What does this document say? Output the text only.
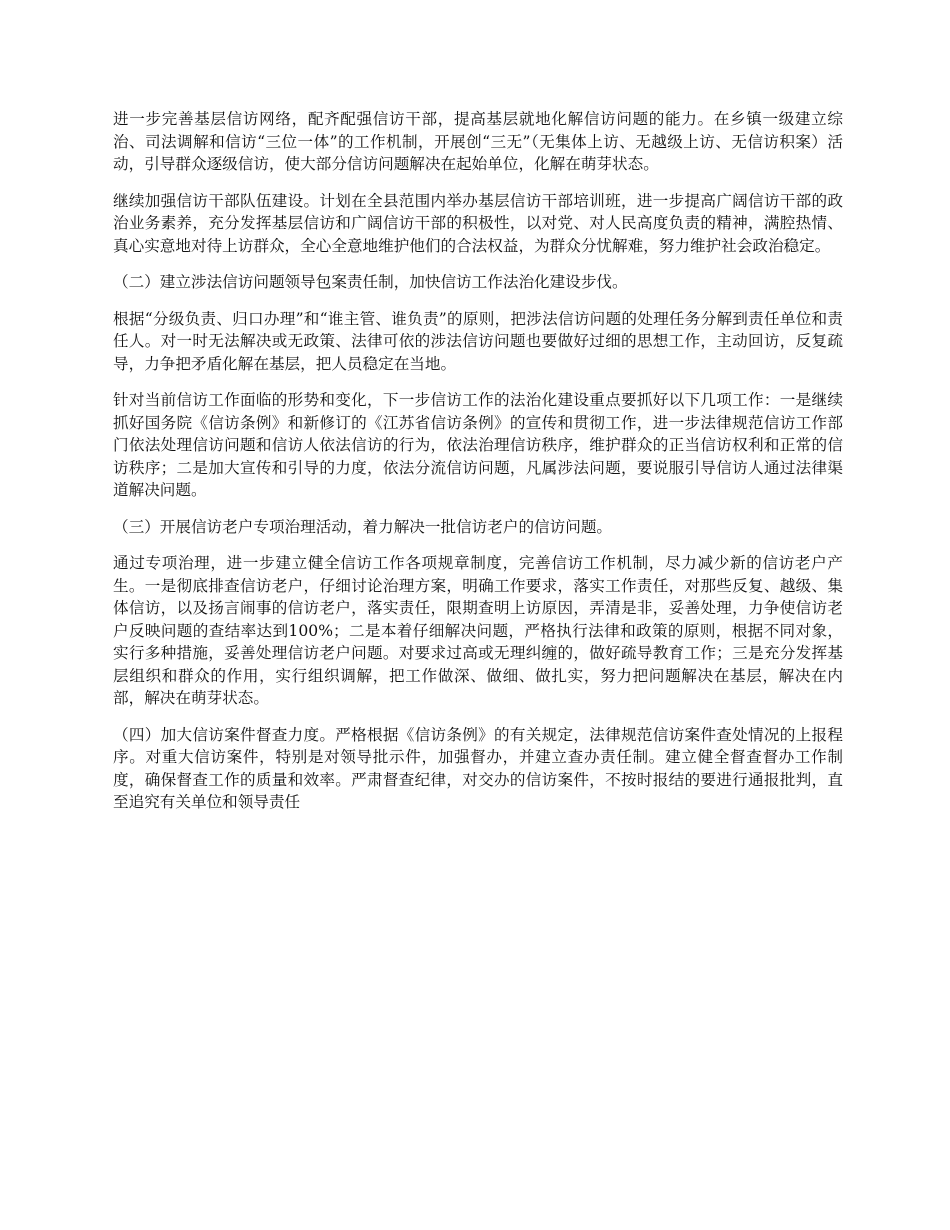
进一步完善基层信访网络，配齐配强信访干部，提高基层就地化解信访问题的能力。在乡镇一级建立综治、司法调解和信访“三位一体”的工作机制，开展创“三无”（无集体上访、无越级上访、无信访积案）活动，引导群众逐级信访，使大部分信访问题解决在起始单位，化解在萌芽状态。

继续加强信访干部队伍建设。计划在全县范围内举办基层信访干部培训班，进一步提高广阔信访干部的政治业务素养，充分发挥基层信访和广阔信访干部的积极性，以对党、对人民高度负责的精神，满腔热情、真心实意地对待上访群众，全心全意地维护他们的合法权益，为群众分忧解难，努力维护社会政治稳定。

（二）建立涉法信访问题领导包案责任制，加快信访工作法治化建设步伐。

根据“分级负责、归口办理”和“谁主管、谁负责”的原则，把涉法信访问题的处理任务分解到责任单位和责任人。对一时无法解决或无政策、法律可依的涉法信访问题也要做好过细的思想工作，主动回访，反复疏导，力争把矛盾化解在基层，把人员稳定在当地。

针对当前信访工作面临的形势和变化，下一步信访工作的法治化建设重点要抓好以下几项工作：一是继续抓好国务院《信访条例》和新修订的《江苏省信访条例》的宣传和贯彻工作，进一步法律规范信访工作部门依法处理信访问题和信访人依法信访的行为，依法治理信访秩序，维护群众的正当信访权利和正常的信访秩序；二是加大宣传和引导的力度，依法分流信访问题，凡属涉法问题，要说服引导信访人通过法律渠道解决问题。

（三）开展信访老户专项治理活动，着力解决一批信访老户的信访问题。

通过专项治理，进一步建立健全信访工作各项规章制度，完善信访工作机制，尽力减少新的信访老户产生。一是彻底排查信访老户，仔细讨论治理方案，明确工作要求，落实工作责任，对那些反复、越级、集体信访，以及扬言闹事的信访老户，落实责任，限期查明上访原因，弄清是非，妥善处理，力争使信访老户反映问题的查结率达到100%；二是本着仔细解决问题，严格执行法律和政策的原则，根据不同对象，实行多种措施，妥善处理信访老户问题。对要求过高或无理纠缠的，做好疏导教育工作；三是充分发挥基层组织和群众的作用，实行组织调解，把工作做深、做细、做扎实，努力把问题解决在基层，解决在内部，解决在萌芽状态。

（四）加大信访案件督查力度。严格根据《信访条例》的有关规定，法律规范信访案件查处情况的上报程序。对重大信访案件，特别是对领导批示件，加强督办，并建立查办责任制。建立健全督查督办工作制度，确保督查工作的质量和效率。严肃督查纪律，对交办的信访案件，不按时报结的要进行通报批判，直至追究有关单位和领导责任
